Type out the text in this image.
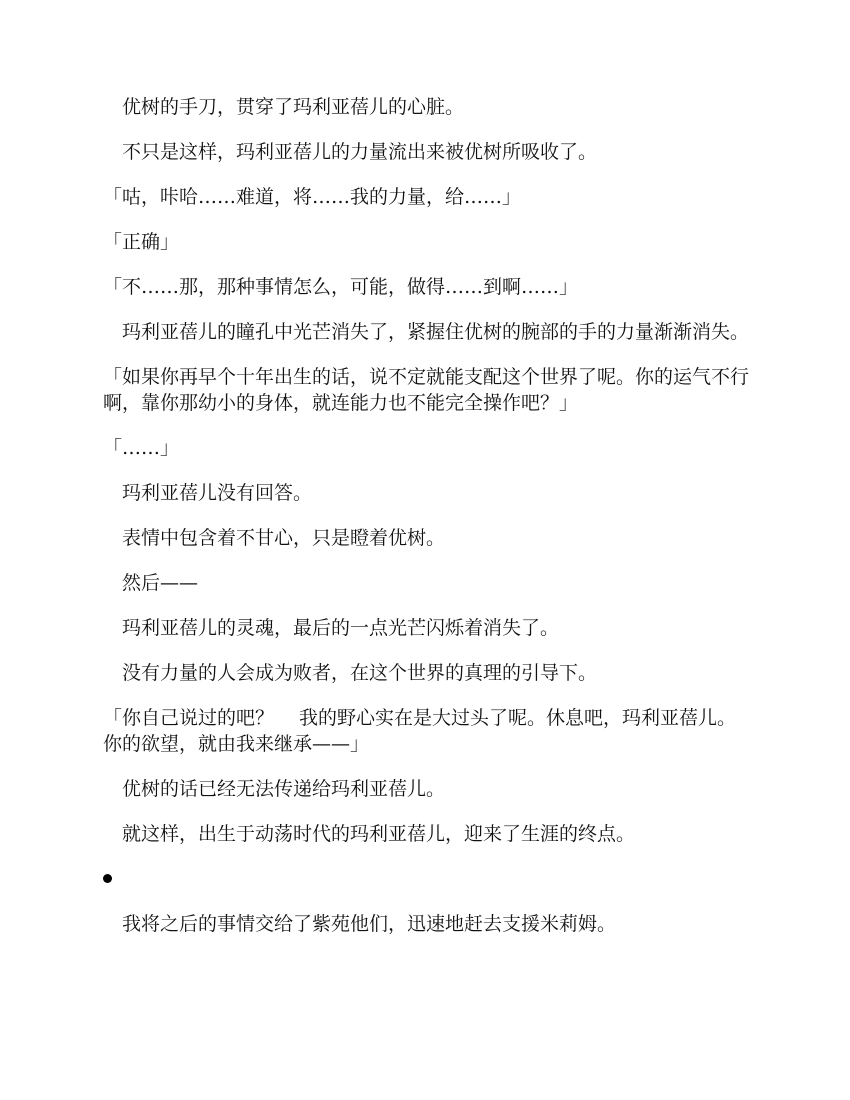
优树的手刀，贯穿了玛利亚蓓儿的心脏。

不只是这样，玛利亚蓓儿的力量流出来被优树所吸收了。

「咕，咔哈……难道，将……我的力量，给……」

「正确」

「不……那，那种事情怎么，可能，做得……到啊……」

玛利亚蓓儿的瞳孔中光芒消失了，紧握住优树的腕部的手的力量渐渐消失。

「如果你再早个十年出生的话，说不定就能支配这个世界了呢。你的运气不行啊，靠你那幼小的身体，就连能力也不能完全操作吧？」

「……」

玛利亚蓓儿没有回答。

表情中包含着不甘心，只是瞪着优树。

然后——

玛利亚蓓儿的灵魂，最后的一点光芒闪烁着消失了。

没有力量的人会成为败者，在这个世界的真理的引导下。

「你自己说过的吧？　 我的野心实在是大过头了呢。休息吧，玛利亚蓓儿。你的欲望，就由我来继承——」

优树的话已经无法传递给玛利亚蓓儿。

就这样，出生于动荡时代的玛利亚蓓儿，迎来了生涯的终点。

我将之后的事情交给了紫苑他们，迅速地赶去支援米莉姆。
